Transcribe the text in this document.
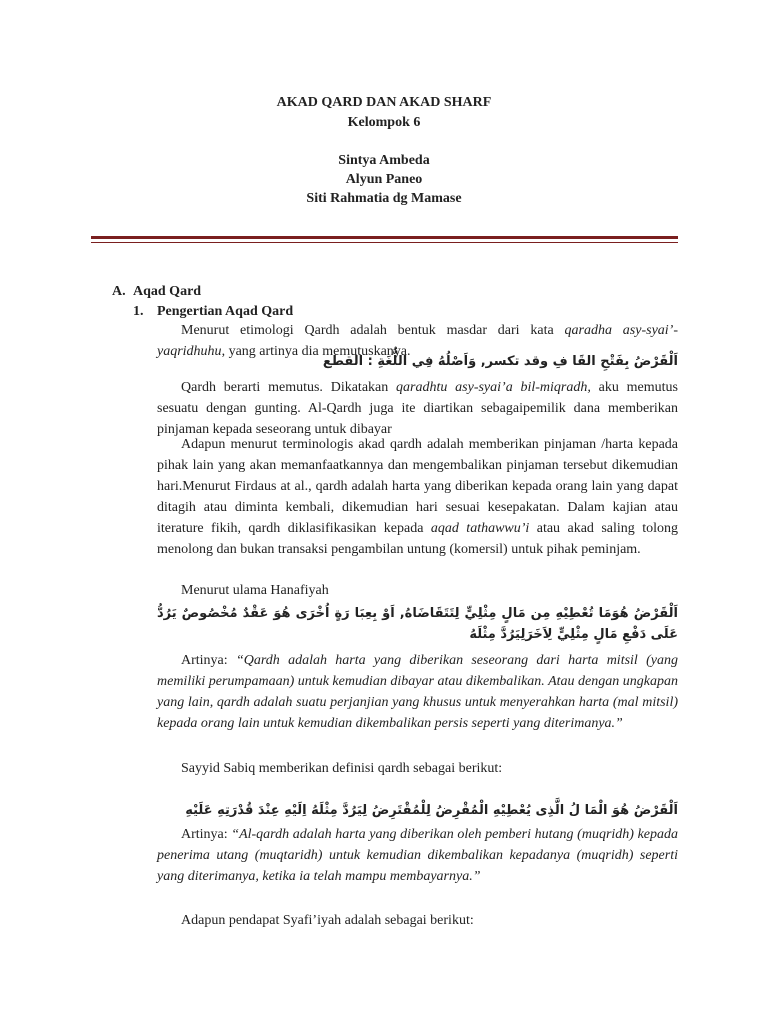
AKAD QARD DAN AKAD SHARF
Kelompok 6
Sintya Ambeda
Alyun Paneo
Siti Rahmatia dg Mamase
A. Aqad Qard
1. Pengertian Aqad Qard
Menurut etimologi Qardh adalah bentuk masdar dari kata qaradha asy-syai’-yaqridhuhu, yang artinya dia memutuskanya.
اَلْقَرْضُ بِفَتْحِ القَا فِ وقد تكسر, وَاَصْلُهُ فِي اللُّغَةِ : القطع
Qardh berarti memutus. Dikatakan qaradhtu asy-syai’a bil-miqradh, aku memutus sesuatu dengan gunting. Al-Qardh juga ite diartikan sebagaipemilik dana memberikan pinjaman kepada seseorang untuk dibayar
Adapun menurut terminologis akad qardh adalah memberikan pinjaman /harta kepada pihak lain yang akan memanfaatkannya dan mengembalikan pinjaman tersebut dikemudian hari.Menurut Firdaus at al., qardh adalah harta yang diberikan kepada orang lain yang dapat ditagih atau diminta kembali, dikemudian hari sesuai kesepakatan. Dalam kajian atau iterature fikih, qardh diklasifikasikan kepada aqad tathawwu’i atau akad saling tolong menolong dan bukan transaksi pengambilan untung (komersil) untuk pihak peminjam.
Menurut ulama Hanafiyah
اَلْقَرْضُ هُوَمَا تُعْطِيْهِ مِن مَالٍ مِثْلِيٍّ لِتَتَقَاضَاهُ, اَوْ بِعِبَا رَةٍ اُخْرَى هُوَ عَقْدٌ مُخْصُوصٌ يَرُدُّ عَلَى دَفْعِ مَالٍ مِثْلِيٍّ لِاَخَرَلِيَرُدَّ مِثْلَهُ
Artinya: “Qardh adalah harta yang diberikan seseorang dari harta mitsil (yang memiliki perumpamaan) untuk kemudian dibayar atau dikembalikan. Atau dengan ungkapan yang lain, qardh adalah suatu perjanjian yang khusus untuk menyerahkan harta (mal mitsil) kepada orang lain untuk kemudian dikembalikan persis seperti yang diterimanya.”
Sayyid Sabiq memberikan definisi qardh sebagai berikut:
اَلْقَرْضُ هُوَ الْمَا لُ الَّذِى يُعْطِيْهِ الْمُقْرِضُ لِلْمُقْتَرِضُ لِيَرُدَّ مِثْلَهُ اِلَيْهِ عِنْدَ قُدْرَتِهِ عَلَيْهِ
Artinya: “Al-qardh adalah harta yang diberikan oleh pemberi hutang (muqridh) kepada penerima utang (muqtaridh) untuk kemudian dikembalikan kepadanya (muqridh) seperti yang diterimanya, ketika ia telah mampu membayarnya.”
Adapun pendapat Syafi’iyah adalah sebagai berikut:
